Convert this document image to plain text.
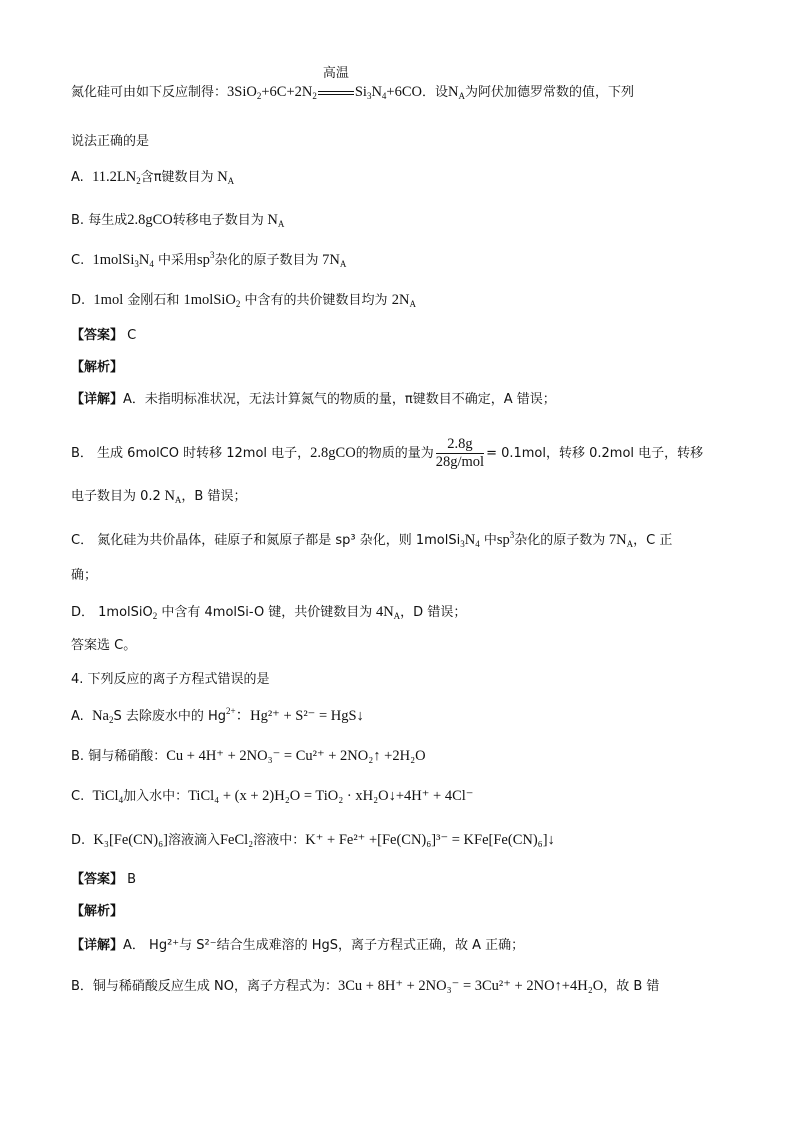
氮化硅可由如下反应制得：$3SiO_2+6C+2N_2$
高温
$Si_3N_4+6CO$．设$N_A$为阿伏加德罗常数的值，下列
说法正确的是
A. $11.2LN_2$含π键数目为 $N_A$
B. 每生成2.8gCO转移电子数目为 $N_A$
C. $1molSi_3N_4$ 中采用$sp^3$杂化的原子数目为 $7N_A$
D. 1mol 金刚石和 1molSiO$_2$ 中含有的共价键数目均为 $2N_A$
【答案】 C
【解析】
【详解】A．未指明标准状况，无法计算氮气的物质的量，π键数目不确定，A 错误；
B． 生成 6molCO 时转移 12mol 电子，2.8gCO的物质的量为 $\frac{2.8g}{\text{28g/mol}} = 0.1mol$，转移 0.2mol 电子，转移
电子数目为 0.2 $N_A$，B 错误；
C． 氮化硅为共价晶体，硅原子和氮原子都是 sp³ 杂化，则 $1molSi_3N_4$ 中$sp^3$杂化的原子数为 $7N_A$，C 正
确；
D． 1molSiO$_2$ 中含有 4molSi-O 键，共价键数目为 $4N_A$，D 错误；
答案选 C。
4. 下列反应的离子方程式错误的是
A. $Na_2S$ 去除废水中的 $Hg^{2+}$：Hg²⁺ + S²⁻ = HgS↓
B. 铜与稀硝酸：Cu + 4H⁺ + 2NO₃⁻ = Cu²⁺ + 2NO₂↑ +2H₂O
C. TiCl$_4$加入水中：TiCl₄ + (x + 2)H₂O = TiO₂ · xH₂O↓+4H⁺ + 4Cl⁻
D. K₃[Fe(CN)₆]溶液滴入FeCl₂溶液中：K⁺ + Fe²⁺ +[Fe(CN)₆]³⁻ = KFe[Fe(CN)₆]↓
【答案】 B
【解析】
【详解】A． Hg²⁺与 S²⁻结合生成难溶的 HgS，离子方程式正确，故 A 正确；
B．铜与稀硝酸反应生成 NO，离子方程式为：3Cu + 8H⁺ + 2NO₃⁻ = 3Cu²⁺ + 2NO↑+4H₂O，故 B 错
